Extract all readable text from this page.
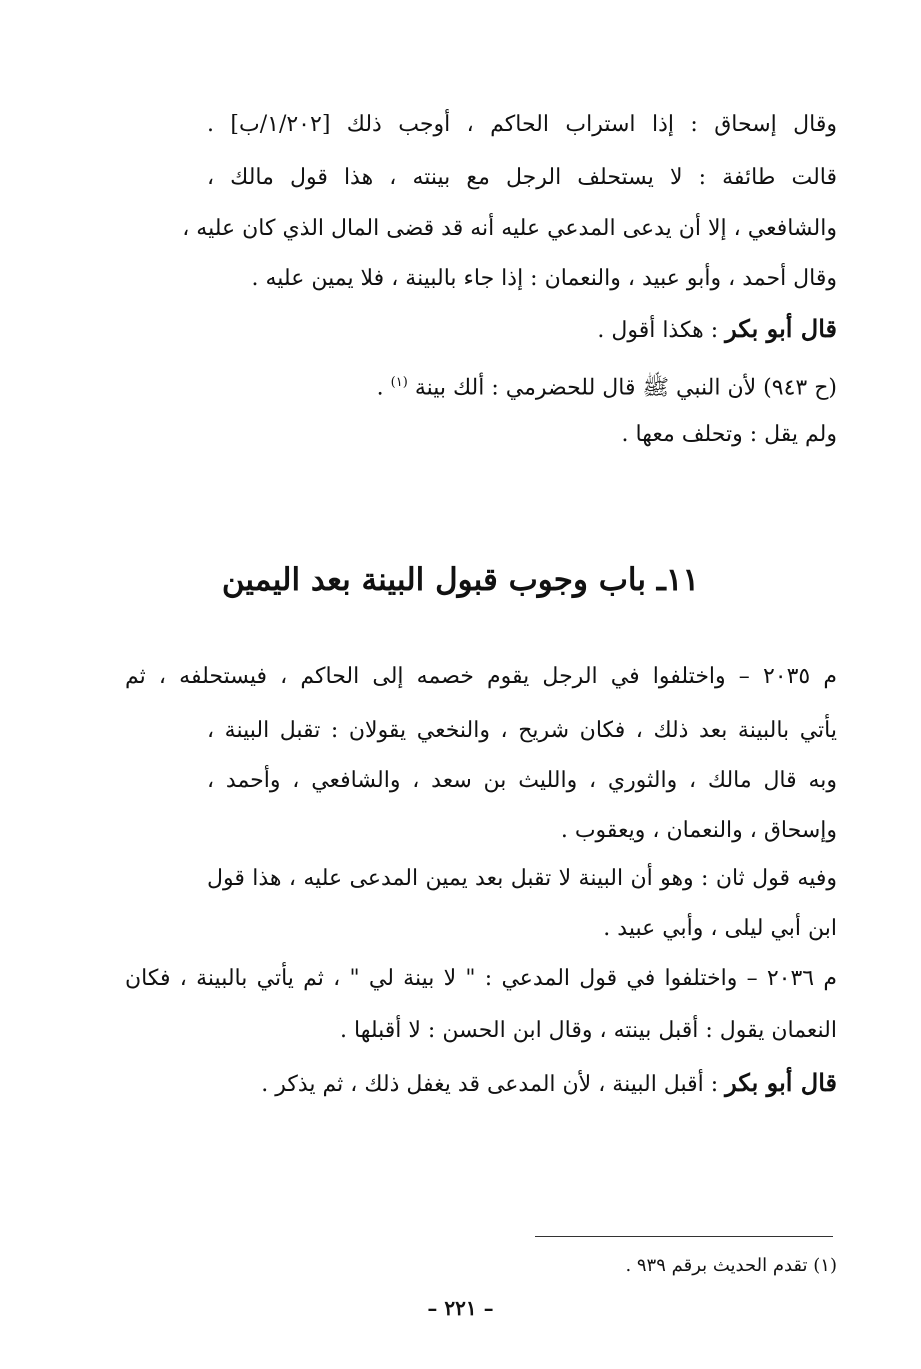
وقال إسحاق : إذا استراب الحاكم ، أوجب ذلك [١/٢٠٢/ب] .
قالت طائفة : لا يستحلف الرجل مع بينته ، هذا قول مالك ،
والشافعي ، إلا أن يدعى المدعي عليه أنه قد قضى المال الذي كان عليه ،
وقال أحمد ، وأبو عبيد ، والنعمان : إذا جاء بالبينة ، فلا يمين عليه .
قال أبو بكر : هكذا أقول .
(ح ٩٤٣) لأن النبي ﷺ قال للحضرمي : ألك بينة $^{(١)}$ .
ولم يقل : وتحلف معها .
١١ـ باب وجوب قبول البينة بعد اليمين
م ٢٠٣٥ – واختلفوا في الرجل يقوم خصمه إلى الحاكم ، فيستحلفه ، ثم
يأتي بالبينة بعد ذلك ، فكان شريح ، والنخعي يقولان : تقبل البينة ،
وبه قال مالك ، والثوري ، والليث بن سعد ، والشافعي ، وأحمد ،
وإسحاق ، والنعمان ، ويعقوب .
وفيه قول ثان : وهو أن البينة لا تقبل بعد يمين المدعى عليه ، هذا قول
ابن أبي ليلى ، وأبي عبيد .
م ٢٠٣٦ – واختلفوا في قول المدعي : " لا بينة لي " ، ثم يأتي بالبينة ، فكان
النعمان يقول : أقبل بينته ، وقال ابن الحسن : لا أقبلها .
قال أبو بكر : أقبل البينة ، لأن المدعى قد يغفل ذلك ، ثم يذكر .
(١) تقدم الحديث برقم ٩٣٩ .
– ٢٢١ –
